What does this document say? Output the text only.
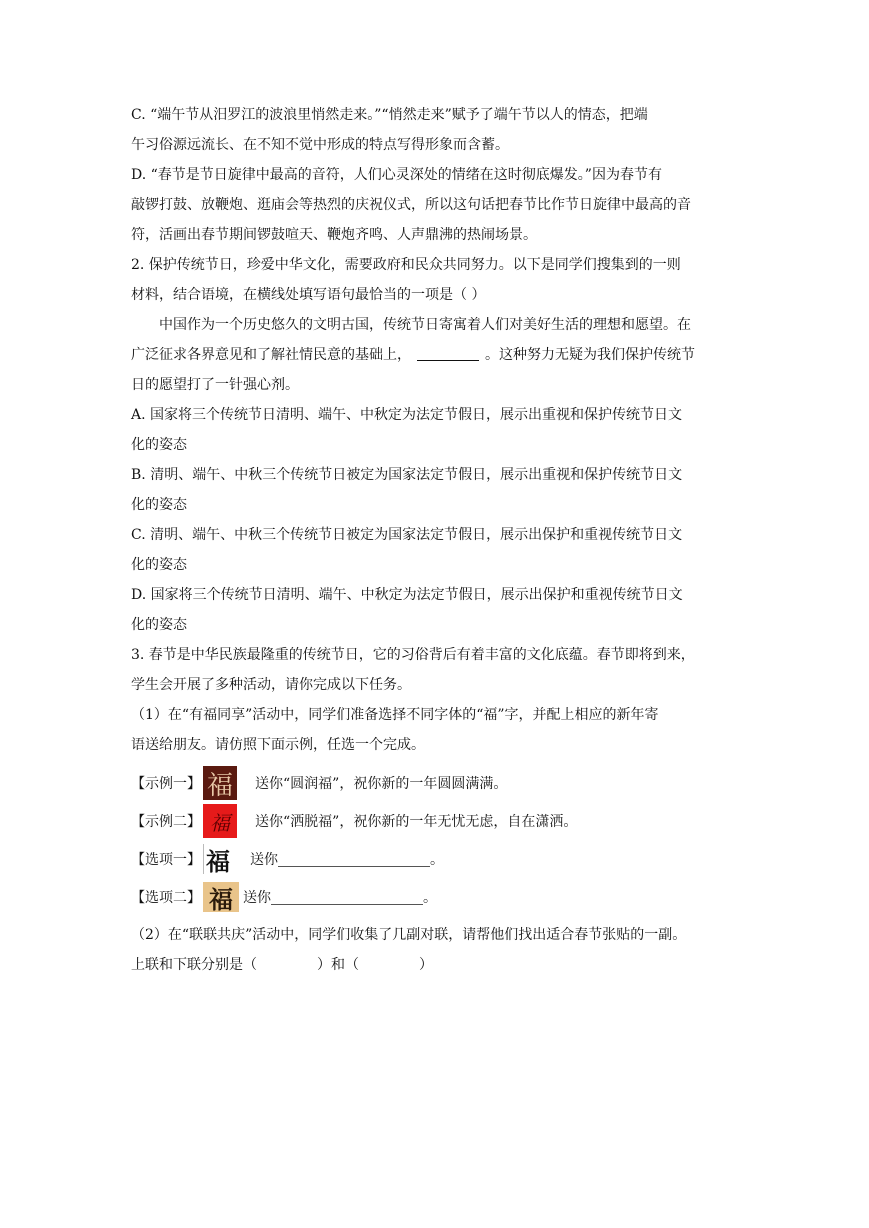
C. “端午节从汨罗江的波浪里悄然走来。”“悄然走来”赋予了端午节以人的情态，把端

午习俗源远流长、在不知不觉中形成的特点写得形象而含蓄。

D. “春节是节日旋律中最高的音符，人们心灵深处的情绪在这时彻底爆发。”因为春节有

敲锣打鼓、放鞭炮、逛庙会等热烈的庆祝仪式，所以这句话把春节比作节日旋律中最高的音

符，活画出春节期间锣鼓喧天、鞭炮齐鸣、人声鼎沸的热闹场景。

2. 保护传统节日，珍爱中华文化，需要政府和民众共同努力。以下是同学们搜集到的一则

材料，结合语境，在横线处填写语句最恰当的一项是（ ）

中国作为一个历史悠久的文明古国，传统节日寄寓着人们对美好生活的理想和愿望。在

广泛征求各界意见和了解社情民意的基础上，	。这种努力无疑为我们保护传统节

日的愿望打了一针强心剂。

A. 国家将三个传统节日清明、端午、中秋定为法定节假日，展示出重视和保护传统节日文

化的姿态

B. 清明、端午、中秋三个传统节日被定为国家法定节假日，展示出重视和保护传统节日文

化的姿态

C. 清明、端午、中秋三个传统节日被定为国家法定节假日，展示出保护和重视传统节日文

化的姿态

D. 国家将三个传统节日清明、端午、中秋定为法定节假日，展示出保护和重视传统节日文

化的姿态

3. 春节是中华民族最隆重的传统节日，它的习俗背后有着丰富的文化底蕴。春节即将到来，

学生会开展了多种活动，请你完成以下任务。

（1）在“有福同享”活动中，同学们准备选择不同字体的“福”字，并配上相应的新年寄

语送给朋友。请仿照下面示例，任选一个完成。

【示例一】 福 送你“圆润福”，祝你新的一年圆圆满满。
【示例二】 福	送你“洒脱福”，祝你新的一年无忧无虑，自在潇洒。
【选项一】 福 送你	。
【选项二】 福 送你	。

（2）在“联联共庆”活动中，同学们收集了几副对联，请帮他们找出适合春节张贴的一副。

上联和下联分别是（	）和（	）
